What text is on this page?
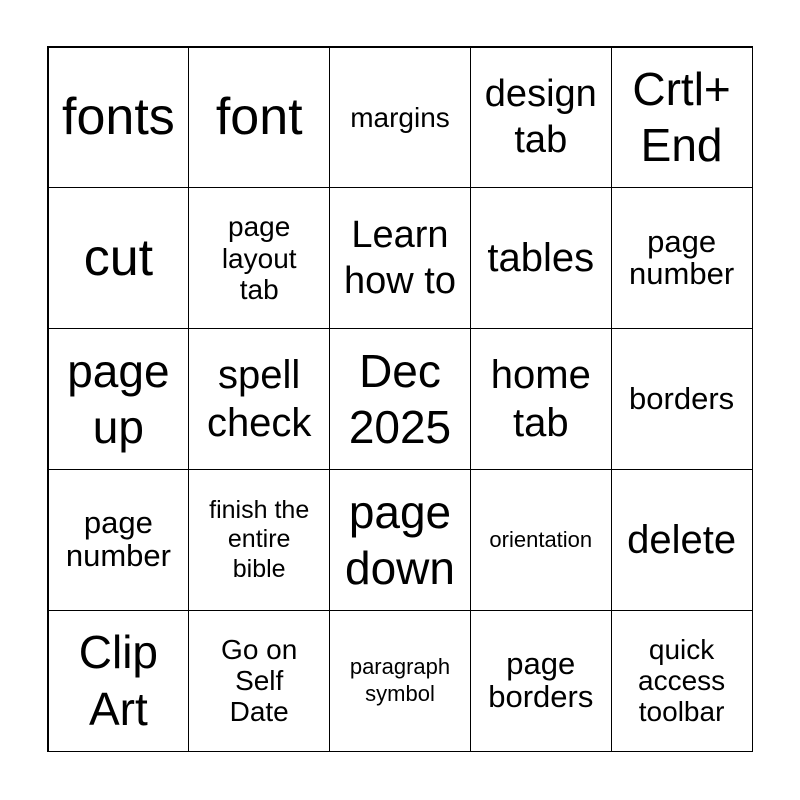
fonts font margins
design
tab
Crtl+
End
cut
page
layout
tab
Learn
how to
tables	page
number
page
up
spell
check
Dec
2025
home
tab
borders
page
number
finish the
entire
bible
page
down
orientation delete
Clip
Art
Go on
Self
Date
paragraph
symbol
page
borders
quick
access
toolbar
